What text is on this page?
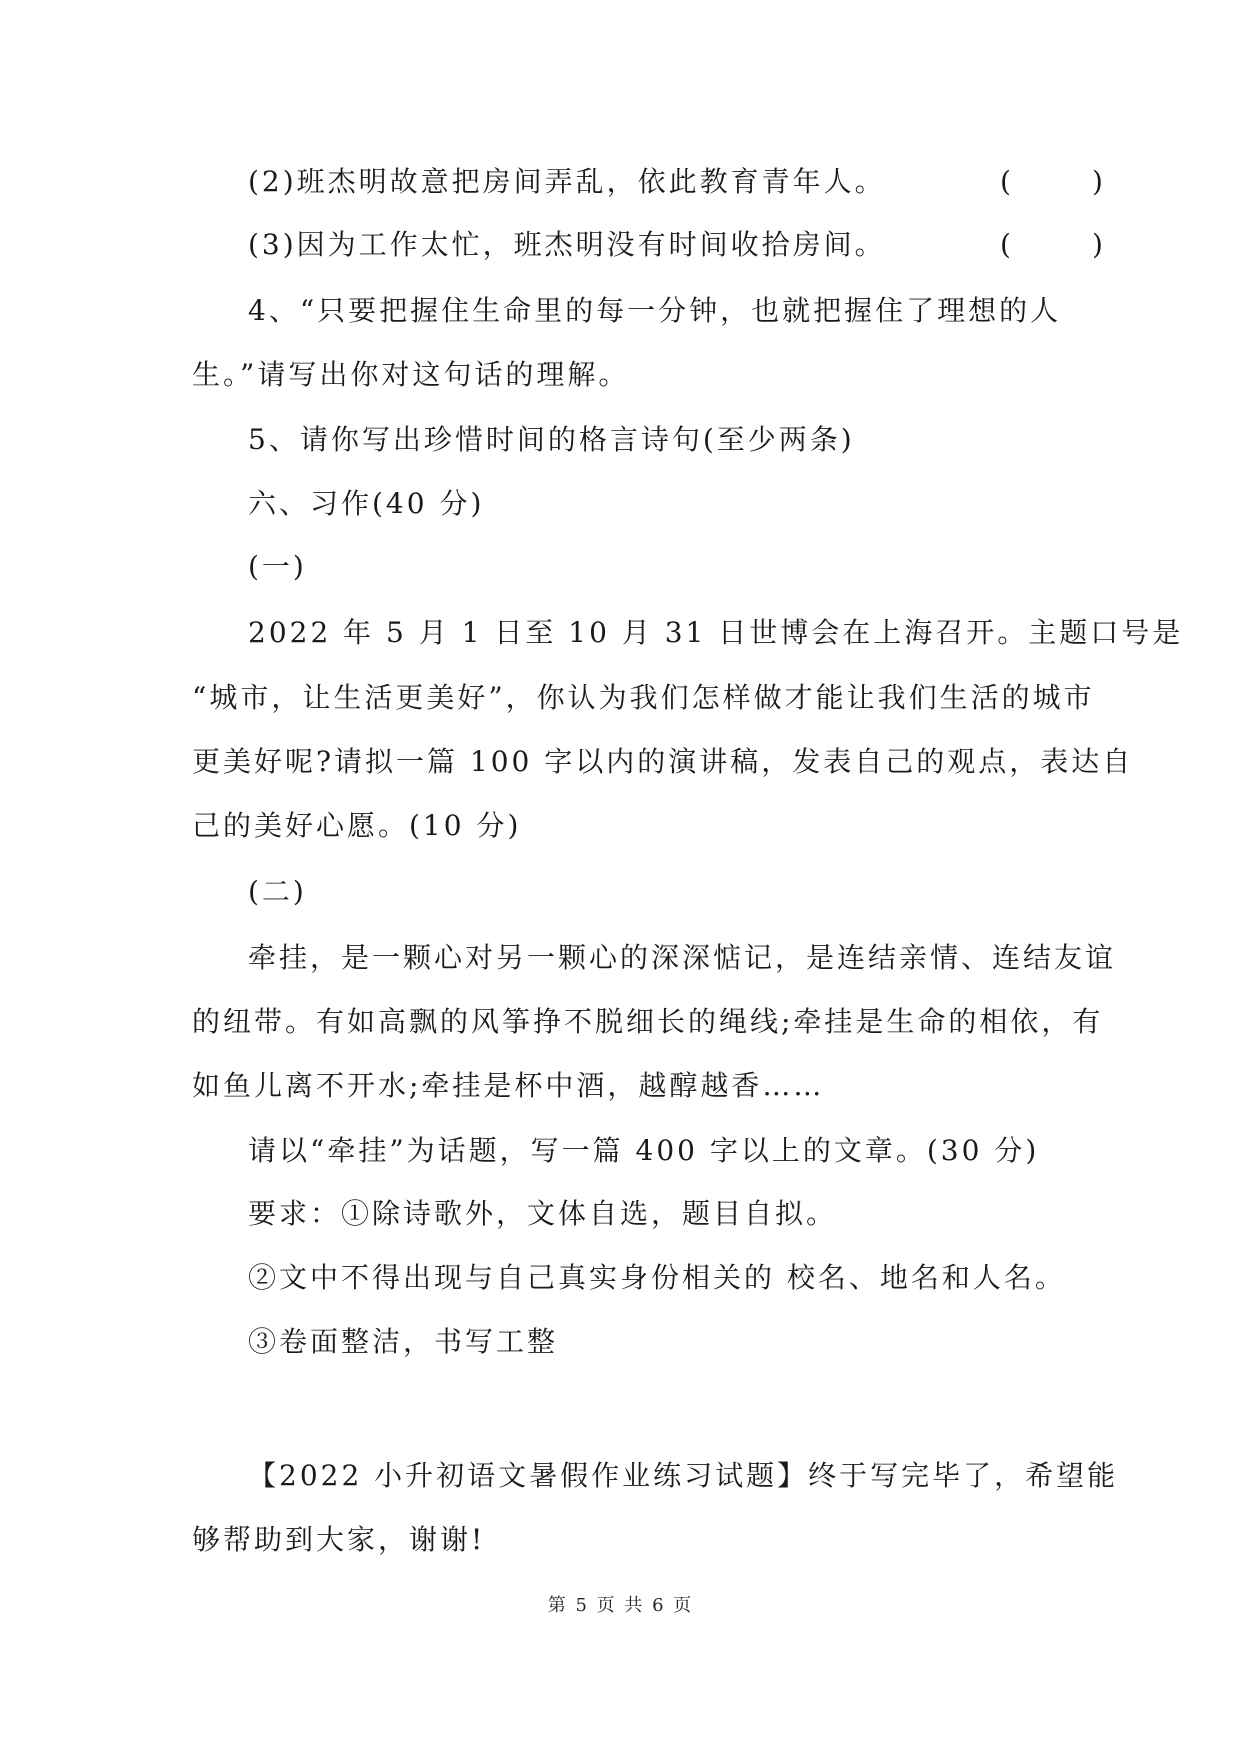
(2)班杰明故意把房间弄乱，依此教育青年人。	(	)
(3)因为工作太忙，班杰明没有时间收拾房间。	(	)
4、“只要把握住生命里的每一分钟，也就把握住了理想的人
生。”请写出你对这句话的理解。
5、请你写出珍惜时间的格言诗句(至少两条)
六、习作(40 分)
(一)
2022 年 5 月 1 日至 10 月 31 日世博会在上海召开。主题口号是
“城市，让生活更美好”，你认为我们怎样做才能让我们生活的城市
更美好呢?请拟一篇 100 字以内的演讲稿，发表自己的观点，表达自
己的美好心愿。(10 分)
(二)
牵挂，是一颗心对另一颗心的深深惦记，是连结亲情、连结友谊
的纽带。有如高飘的风筝挣不脱细长的绳线;牵挂是生命的相依，有
如鱼儿离不开水;牵挂是杯中酒，越醇越香……
请以“牵挂”为话题，写一篇 400 字以上的文章。(30 分)
要求：①除诗歌外，文体自选，题目自拟。
②文中不得出现与自己真实身份相关的 校名、地名和人名。
③卷面整洁，书写工整
【2022 小升初语文暑假作业练习试题】终于写完毕了，希望能
够帮助到大家，谢谢!
第 5 页 共 6 页
